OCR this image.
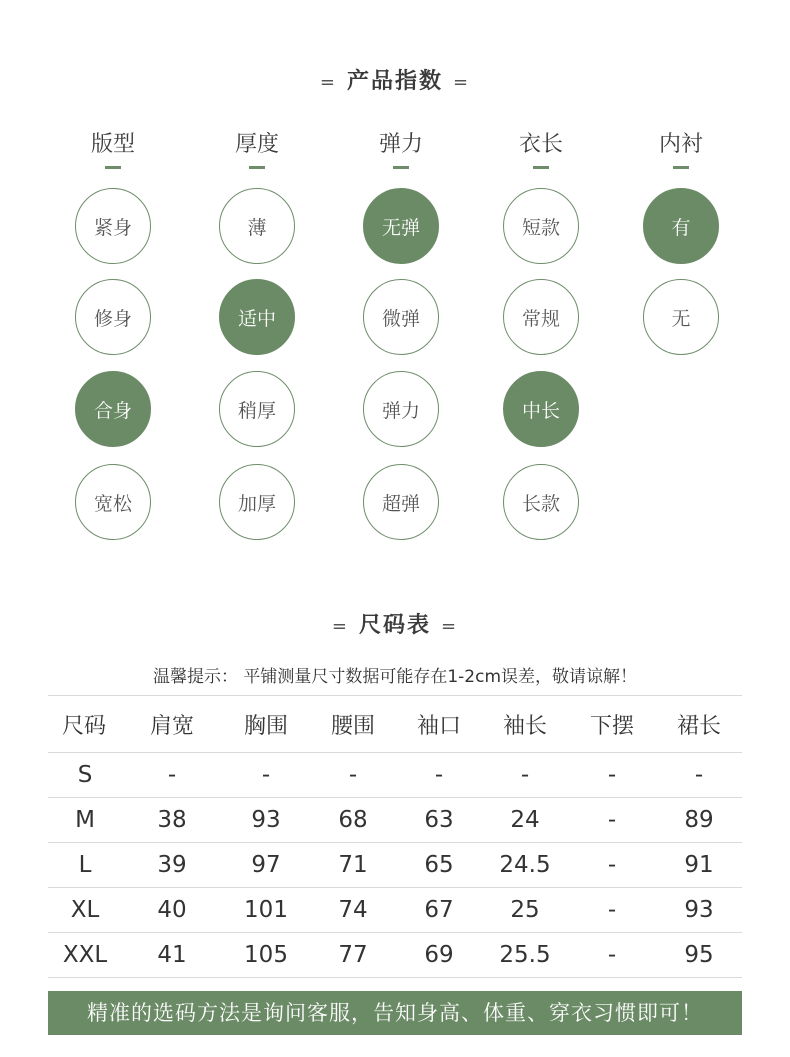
= 产品指数 =
版型
紧身
修身
合身
宽松
厚度
薄
适中
稍厚
加厚
弹力
无弹
微弹
弹力
超弹
衣长
短款
常规
中长
长款
内衬
有
无
= 尺码表 =
温馨提示： 平铺测量尺寸数据可能存在1-2cm误差，敬请谅解！
尺码	肩宽	胸围	腰围	袖口	袖长	下摆	裙长
S	-	-	-	-	-	-	-
M	38	93	68	63	24	-	89
L	39	97	71	65	24.5	-	91
XL	40	101	74	67	25	-	93
XXL	41	105	77	69	25.5	-	95
精准的选码方法是询问客服，告知身高、体重、穿衣习惯即可！
